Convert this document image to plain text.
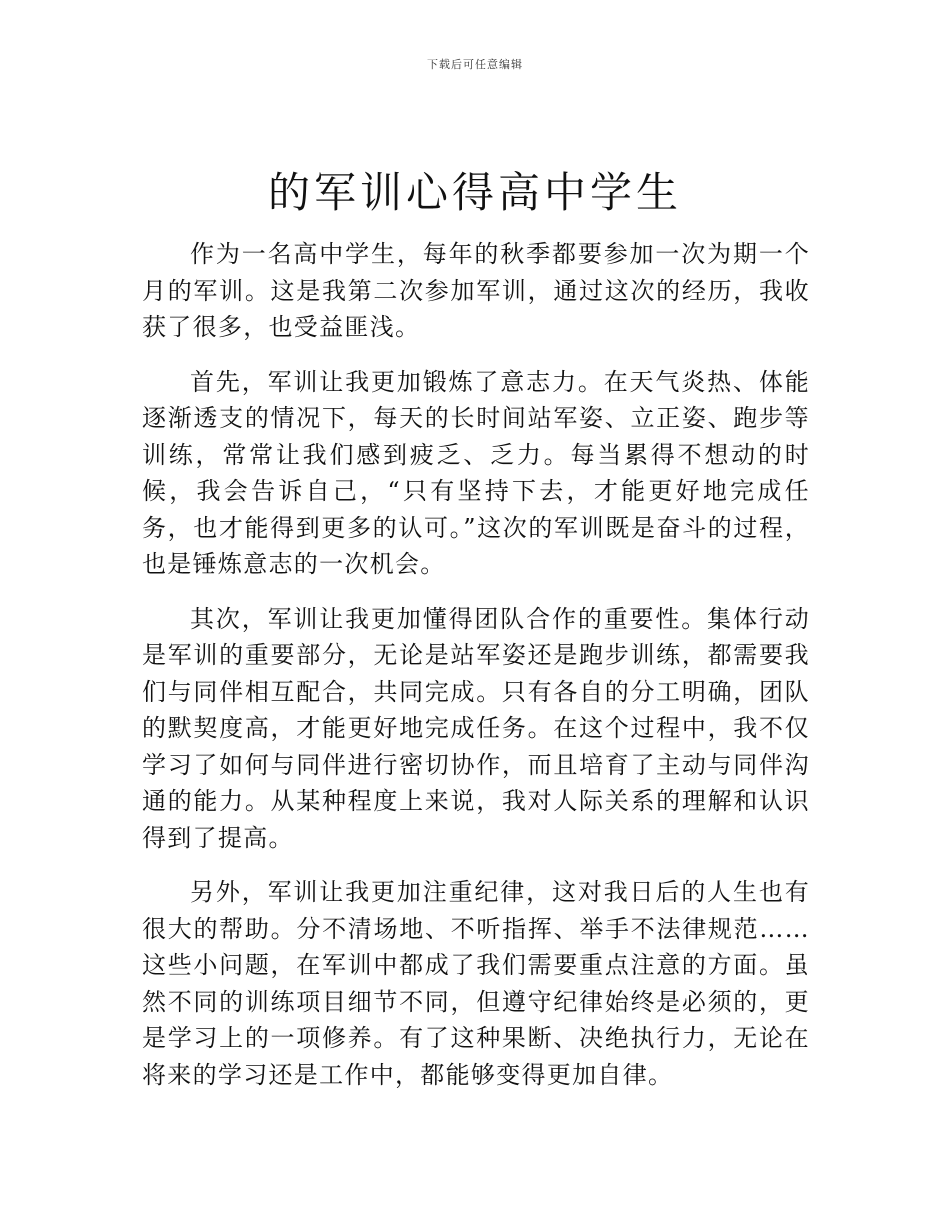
下载后可任意编辑
的军训心得高中学生

作为一名高中学生，每年的秋季都要参加一次为期一个月的军训。这是我第二次参加军训，通过这次的经历，我收获了很多，也受益匪浅。

首先，军训让我更加锻炼了意志力。在天气炎热、体能逐渐透支的情况下，每天的长时间站军姿、立正姿、跑步等训练，常常让我们感到疲乏、乏力。每当累得不想动的时候，我会告诉自己，“只有坚持下去，才能更好地完成任务，也才能得到更多的认可。”这次的军训既是奋斗的过程，也是锤炼意志的一次机会。

其次，军训让我更加懂得团队合作的重要性。集体行动是军训的重要部分，无论是站军姿还是跑步训练，都需要我们与同伴相互配合，共同完成。只有各自的分工明确，团队的默契度高，才能更好地完成任务。在这个过程中，我不仅学习了如何与同伴进行密切协作，而且培育了主动与同伴沟通的能力。从某种程度上来说，我对人际关系的理解和认识得到了提高。

另外，军训让我更加注重纪律，这对我日后的人生也有很大的帮助。分不清场地、不听指挥、举手不法律规范……这些小问题，在军训中都成了我们需要重点注意的方面。虽然不同的训练项目细节不同，但遵守纪律始终是必须的，更是学习上的一项修养。有了这种果断、决绝执行力，无论在将来的学习还是工作中，都能够变得更加自律。
